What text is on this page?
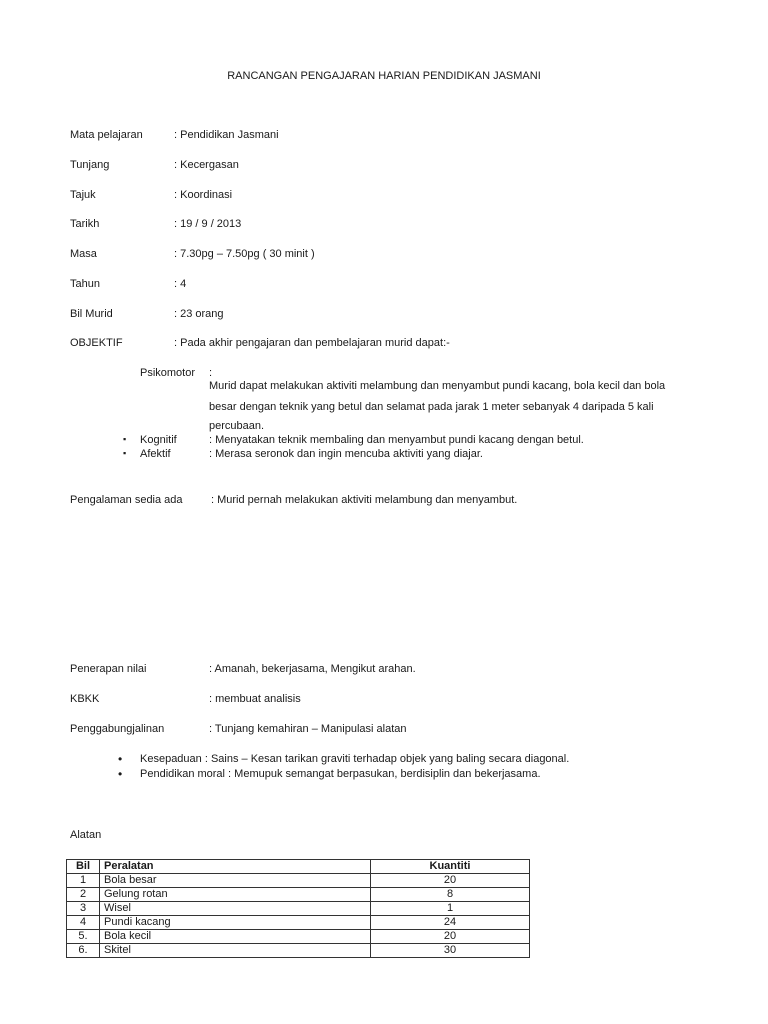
RANCANGAN PENGAJARAN HARIAN PENDIDIKAN JASMANI
Mata pelajaran	: Pendidikan Jasmani
Tunjang	: Kecergasan
Tajuk	: Koordinasi
Tarikh	: 19 / 9 / 2013
Masa	: 7.30pg – 7.50pg ( 30 minit )
Tahun	: 4
Bil Murid	: 23 orang
OBJEKTIF	: Pada akhir pengajaran dan pembelajaran murid dapat:-
Psikomotor :
Murid dapat melakukan aktiviti melambung dan menyambut pundi kacang, bola kecil dan bola
besar dengan teknik yang betul dan selamat pada jarak 1 meter sebanyak 4 daripada 5 kali
percubaan.
▪ Kognitif	: Menyatakan teknik membaling dan menyambut pundi kacang dengan betul.
▪ Afektif	: Merasa seronok dan ingin mencuba aktiviti yang diajar.
Pengalaman sedia ada	: Murid pernah melakukan aktiviti melambung dan menyambut.
Penerapan nilai	: Amanah, bekerjasama, Mengikut arahan.
KBKK	: membuat analisis
Penggabungjalinan	: Tunjang kemahiran – Manipulasi alatan
• Kesepaduan : Sains – Kesan tarikan graviti terhadap objek yang baling secara diagonal.
• Pendidikan moral : Memupuk semangat berpasukan, berdisiplin dan bekerjasama.
Alatan
Bil	Peralatan	Kuantiti
1	Bola besar	20
2	Gelung rotan	8
3	Wisel	1
4	Pundi kacang	24
5.	Bola kecil	20
6.	Skitel	30
